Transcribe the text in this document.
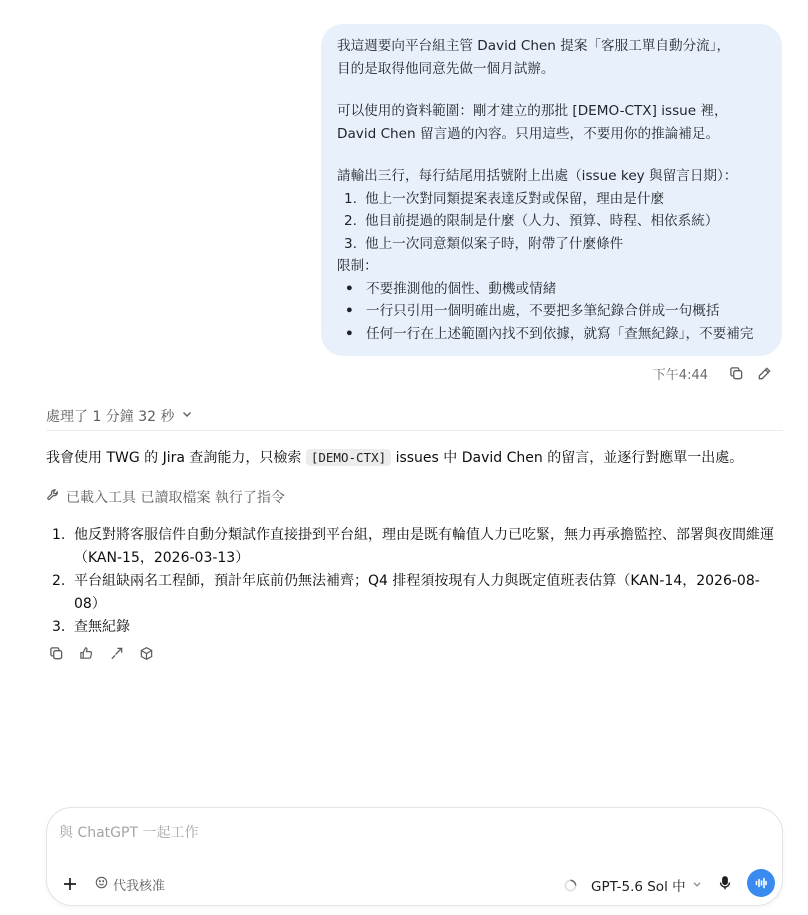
我這週要向平台組主管 David Chen 提案「客服工單自動分流」，
目的是取得他同意先做一個月試辦。
可以使用的資料範圍：剛才建立的那批 [DEMO-CTX] issue 裡，
David Chen 留言過的內容。只用這些，不要用你的推論補足。
請輸出三行，每行結尾用括號附上出處（issue key 與留言日期）：
1. 他上一次對同類提案表達反對或保留，理由是什麼
2. 他目前提過的限制是什麼（人力、預算、時程、相依系統）
3. 他上一次同意類似案子時，附帶了什麼條件
限制：
• 不要推測他的個性、動機或情緒
• 一行只引用一個明確出處，不要把多筆紀錄合併成一句概括
• 任何一行在上述範圍內找不到依據，就寫「查無紀錄」，不要補完
下午4:44
處理了 1 分鐘 32 秒
我會使用 TWG 的 Jira 查詢能力，只檢索 [DEMO-CTX] issues 中 David Chen 的留言，並逐行對應單一出處。
已載入工具 已讀取檔案 執行了指令
1. 他反對將客服信件自動分類試作直接掛到平台組，理由是既有輪值人力已吃緊，無力再承擔監控、部署與夜間維運（KAN-15，2026-03-13）
2. 平台組缺兩名工程師，預計年底前仍無法補齊；Q4 排程須按現有人力與既定值班表估算（KAN-14，2026-08-08）
3. 查無紀錄
與 ChatGPT 一起工作
代我核准	GPT-5.6 Sol 中
